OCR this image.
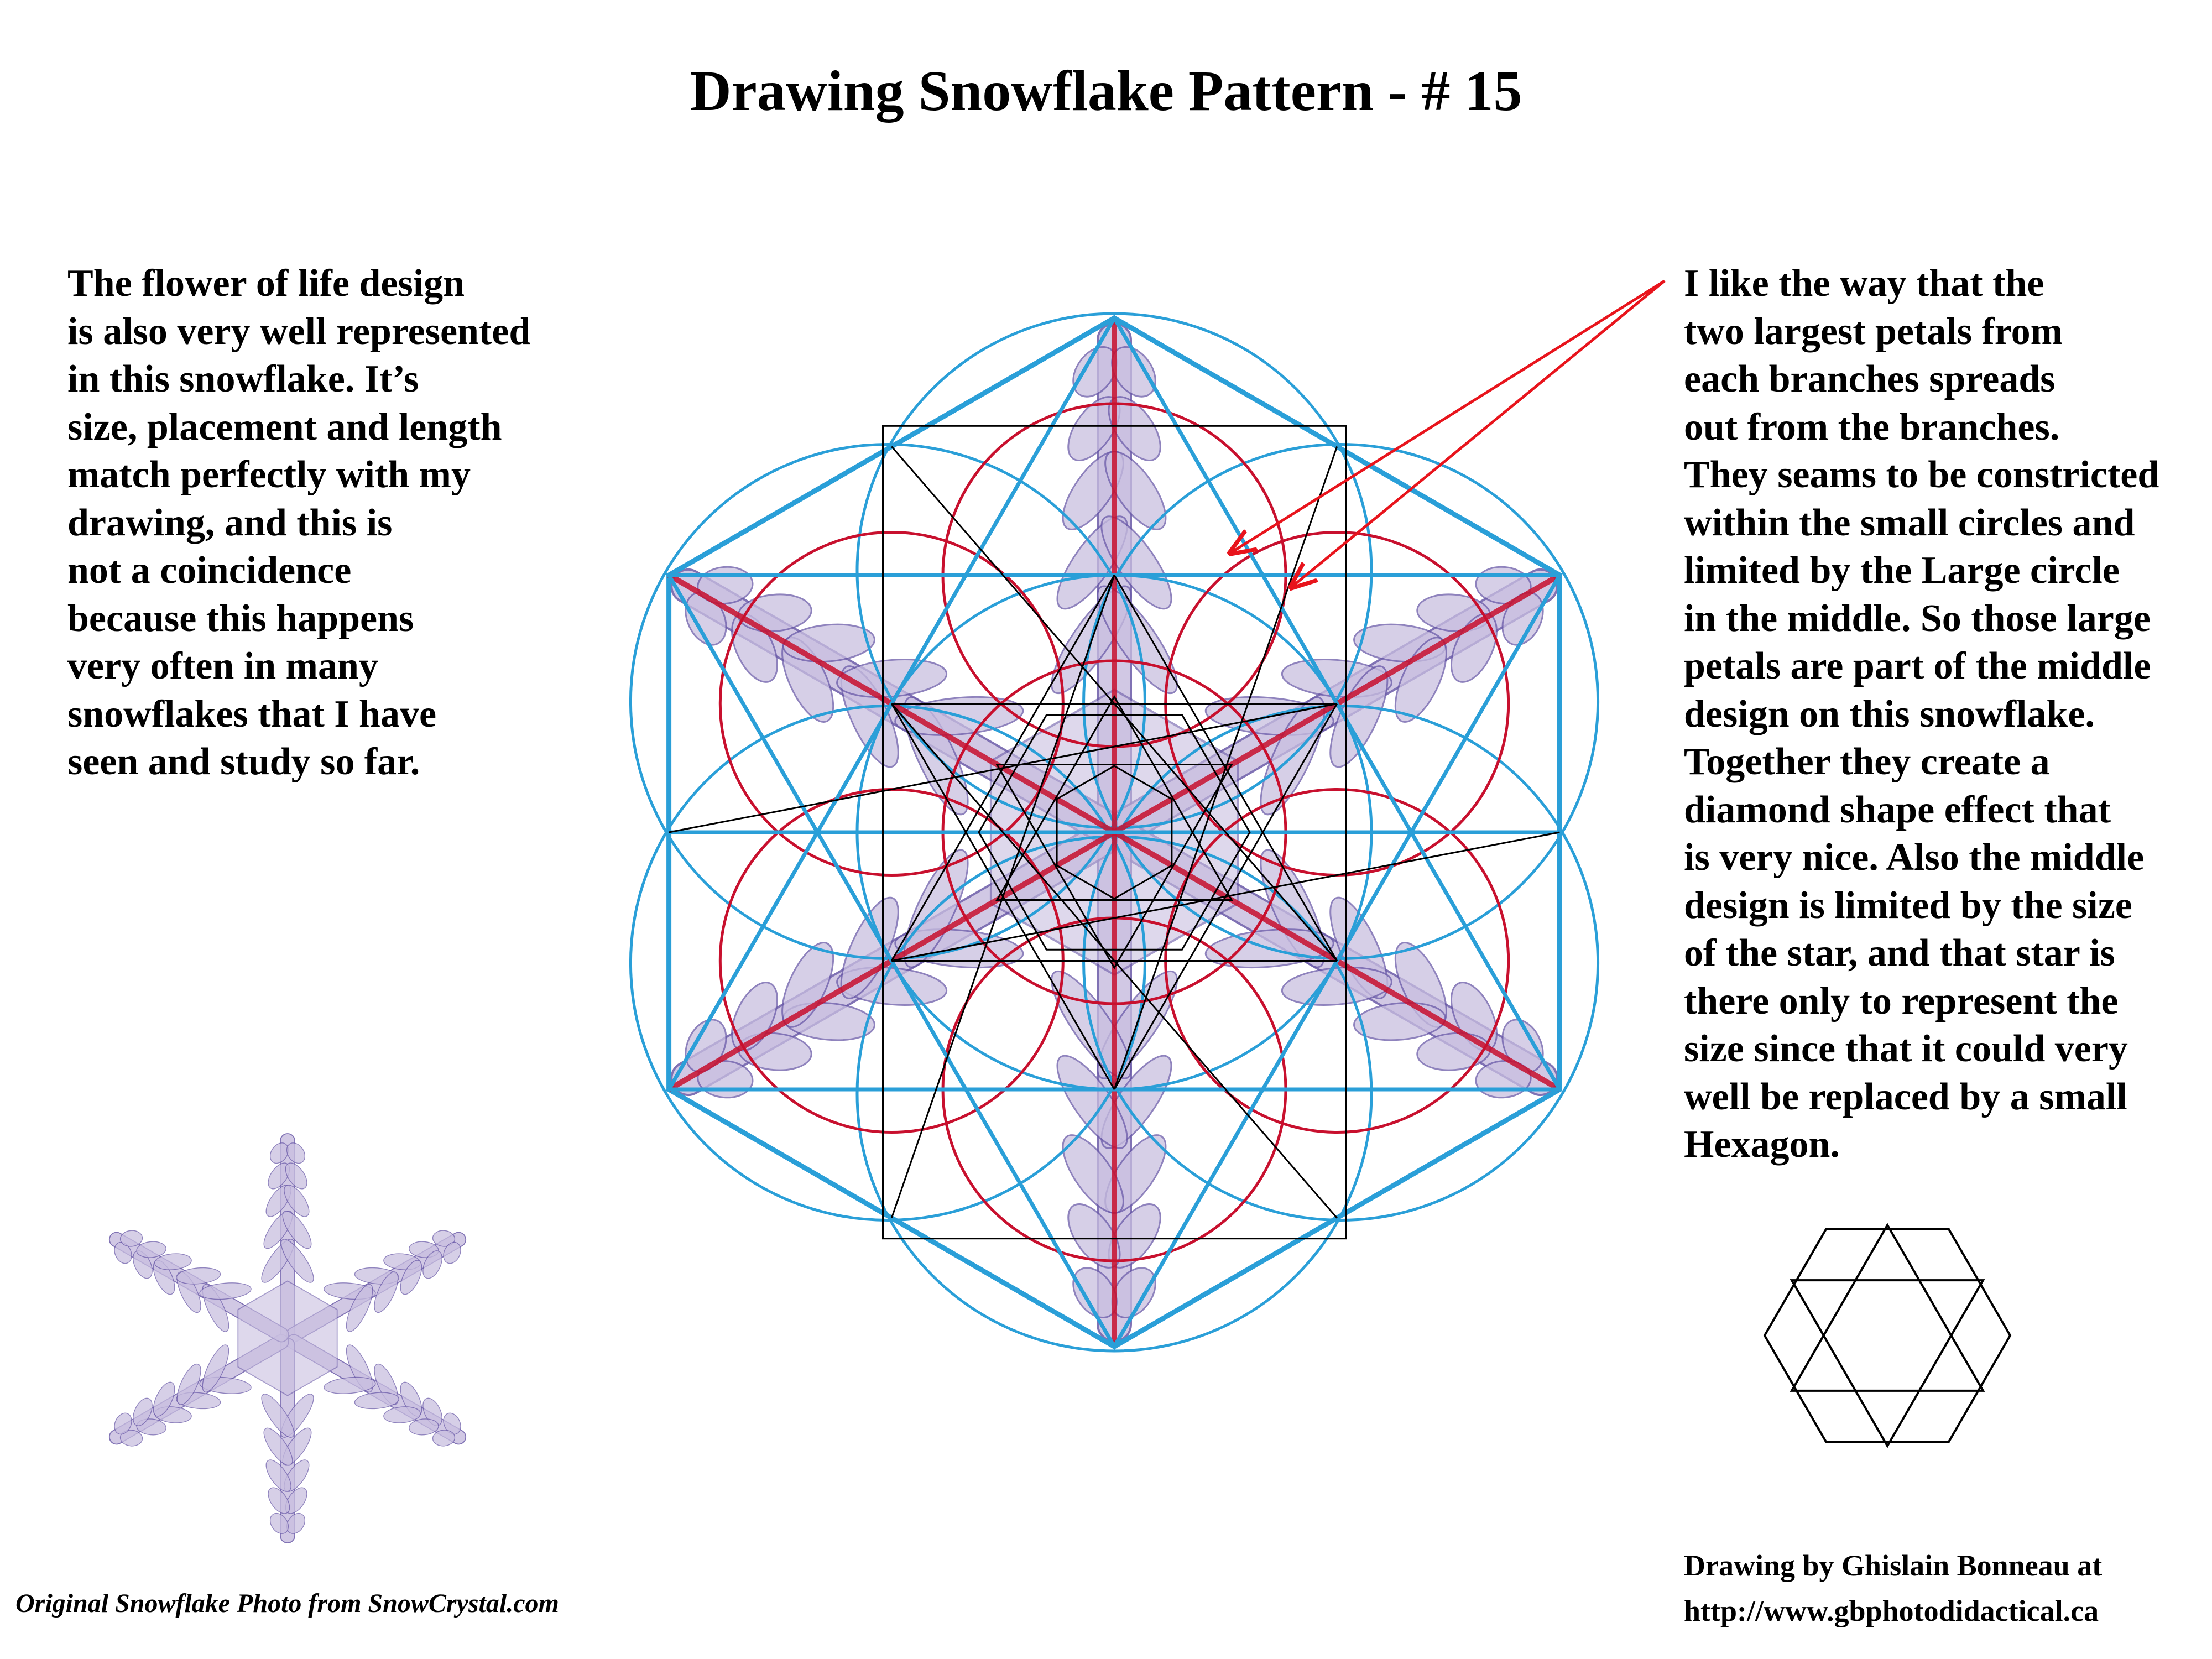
Drawing Snowflake Pattern - # 15
The flower of life design
is also very well represented
in this snowflake. It’s
size, placement and length
match perfectly with my
drawing, and this is
not a coincidence
because this happens
very often in many
snowflakes that I have
seen and study so far.
I like the way that the
two largest petals from
each branches spreads
out from the branches.
They seams to be constricted
within the small circles and
limited by the Large circle
in the middle. So those large
petals are part of the middle
design on this snowflake.
Together they create a
diamond shape effect that
is very nice. Also the middle
design is limited by the size
of the star, and that star is
there only to represent the
size since that it could very
well be replaced by a small
Hexagon.
Drawing by Ghislain Bonneau at
http://www.gbphotodidactical.ca
Original Snowflake Photo from SnowCrystal.com
